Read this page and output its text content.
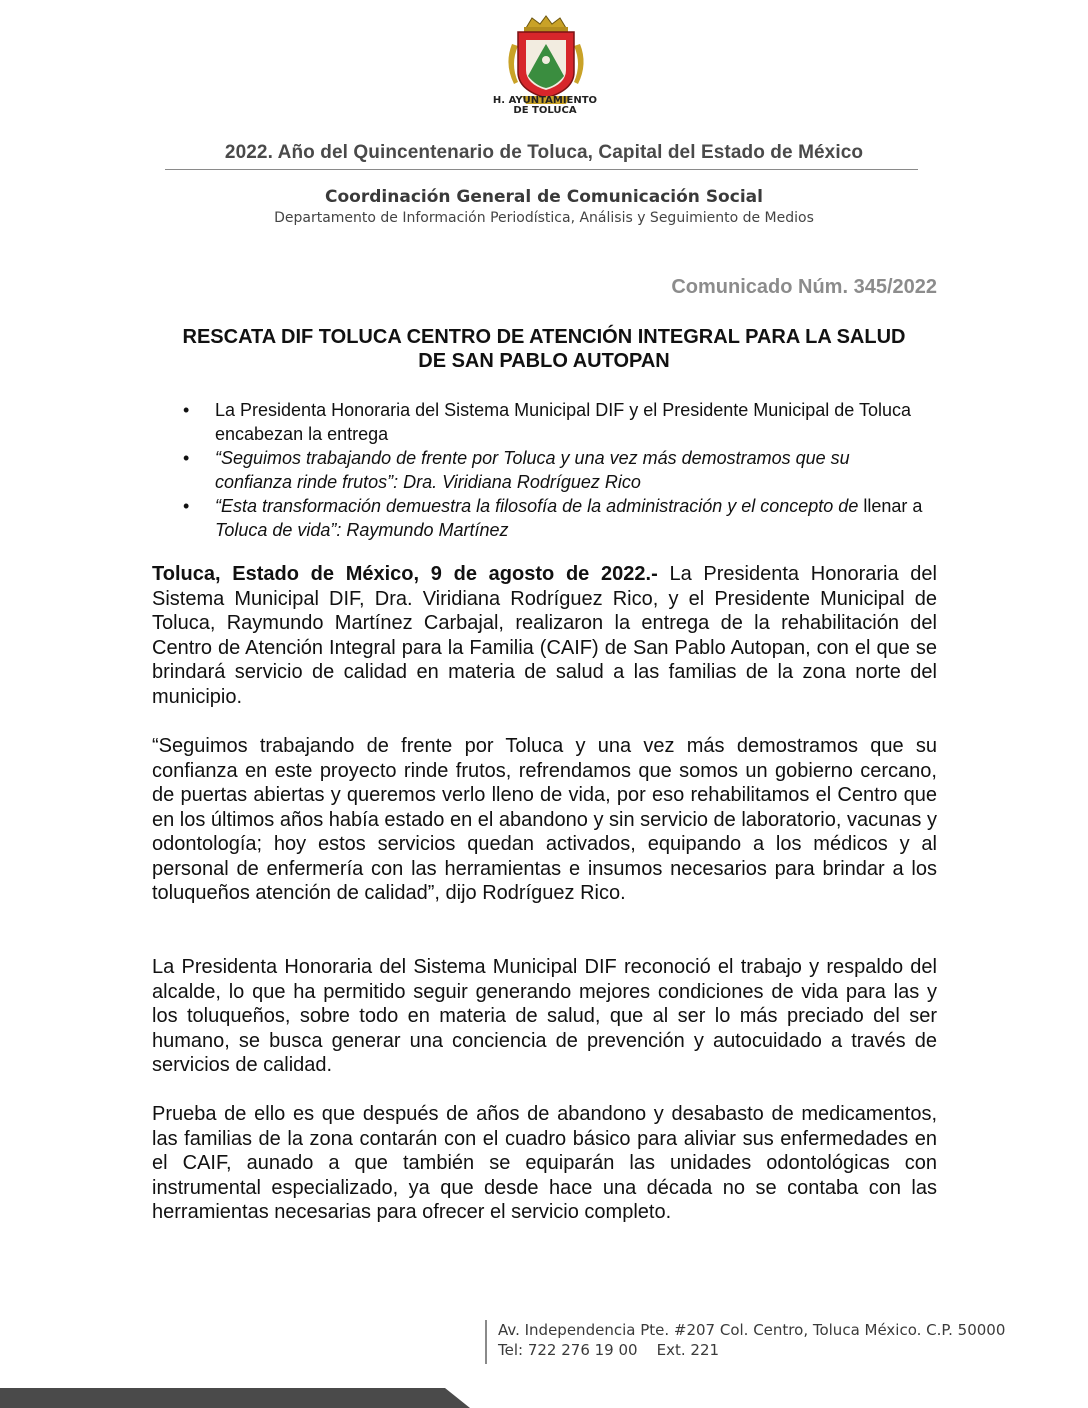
H. AYUNTAMIENTO
DE TOLUCA
2022. Año del Quincentenario de Toluca, Capital del Estado de México
Coordinación General de Comunicación Social
Departamento de Información Periodística, Análisis y Seguimiento de Medios
Comunicado Núm. 345/2022
RESCATA DIF TOLUCA CENTRO DE ATENCIÓN INTEGRAL PARA LA SALUD
DE SAN PABLO AUTOPAN
• La Presidenta Honoraria del Sistema Municipal DIF y el Presidente Municipal de Toluca encabezan la entrega
• “Seguimos trabajando de frente por Toluca y una vez más demostramos que su confianza rinde frutos”: Dra. Viridiana Rodríguez Rico
• “Esta transformación demuestra la filosofía de la administración y el concepto de llenar a Toluca de vida”: Raymundo Martínez

Toluca, Estado de México, 9 de agosto de 2022.- La Presidenta Honoraria del Sistema Municipal DIF, Dra. Viridiana Rodríguez Rico, y el Presidente Municipal de Toluca, Raymundo Martínez Carbajal, realizaron la entrega de la rehabilitación del Centro de Atención Integral para la Familia (CAIF) de San Pablo Autopan, con el que se brindará servicio de calidad en materia de salud a las familias de la zona norte del municipio.

“Seguimos trabajando de frente por Toluca y una vez más demostramos que su confianza en este proyecto rinde frutos, refrendamos que somos un gobierno cercano, de puertas abiertas y queremos verlo lleno de vida, por eso rehabilitamos el Centro que en los últimos años había estado en el abandono y sin servicio de laboratorio, vacunas y odontología; hoy estos servicios quedan activados, equipando a los médicos y al personal de enfermería con las herramientas e insumos necesarios para brindar a los toluqueños atención de calidad”, dijo Rodríguez Rico.

La Presidenta Honoraria del Sistema Municipal DIF reconoció el trabajo y respaldo del alcalde, lo que ha permitido seguir generando mejores condiciones de vida para las y los toluqueños, sobre todo en materia de salud, que al ser lo más preciado del ser humano, se busca generar una conciencia de prevención y autocuidado a través de servicios de calidad.

Prueba de ello es que después de años de abandono y desabasto de medicamentos, las familias de la zona contarán con el cuadro básico para aliviar sus enfermedades en el CAIF, aunado a que también se equiparán las unidades odontológicas con instrumental especializado, ya que desde hace una década no se contaba con las herramientas necesarias para ofrecer el servicio completo.

Av. Independencia Pte. #207 Col. Centro, Toluca México. C.P. 50000
Tel: 722 276 19 00    Ext. 221
